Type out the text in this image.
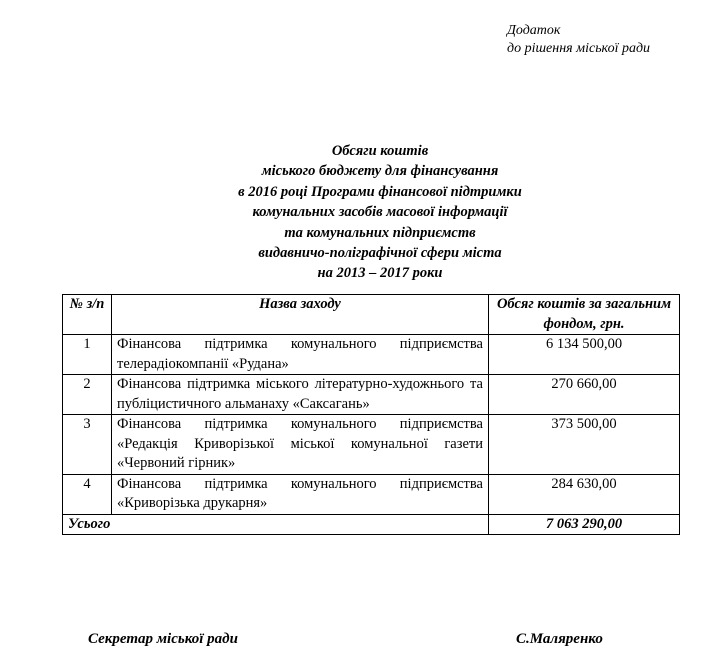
Додаток
до рішення міської ради
Обсяги коштів
міського бюджету для фінансування
в 2016 році Програми фінансової підтримки
комунальних засобів масової інформації
та комунальних підприємств
видавничо-поліграфічної сфери міста
на 2013 – 2017 роки
№ з/п	Назва заходу	Обсяг коштів за загальним фондом, грн.
1	Фінансова підтримка комунального підприємства телерадіокомпанії «Рудана»	6 134 500,00
2	Фінансова підтримка міського літературно-художнього та публіцистичного альманаху «Саксагань»	270 660,00
3	Фінансова підтримка комунального підприємства «Редакція Криворізької міської комунальної газети «Червоний гірник»	373 500,00
4	Фінансова підтримка комунального підприємства «Криворізька друкарня»	284 630,00
Усього		7 063 290,00
Секретар міської ради	С.Маляренко
